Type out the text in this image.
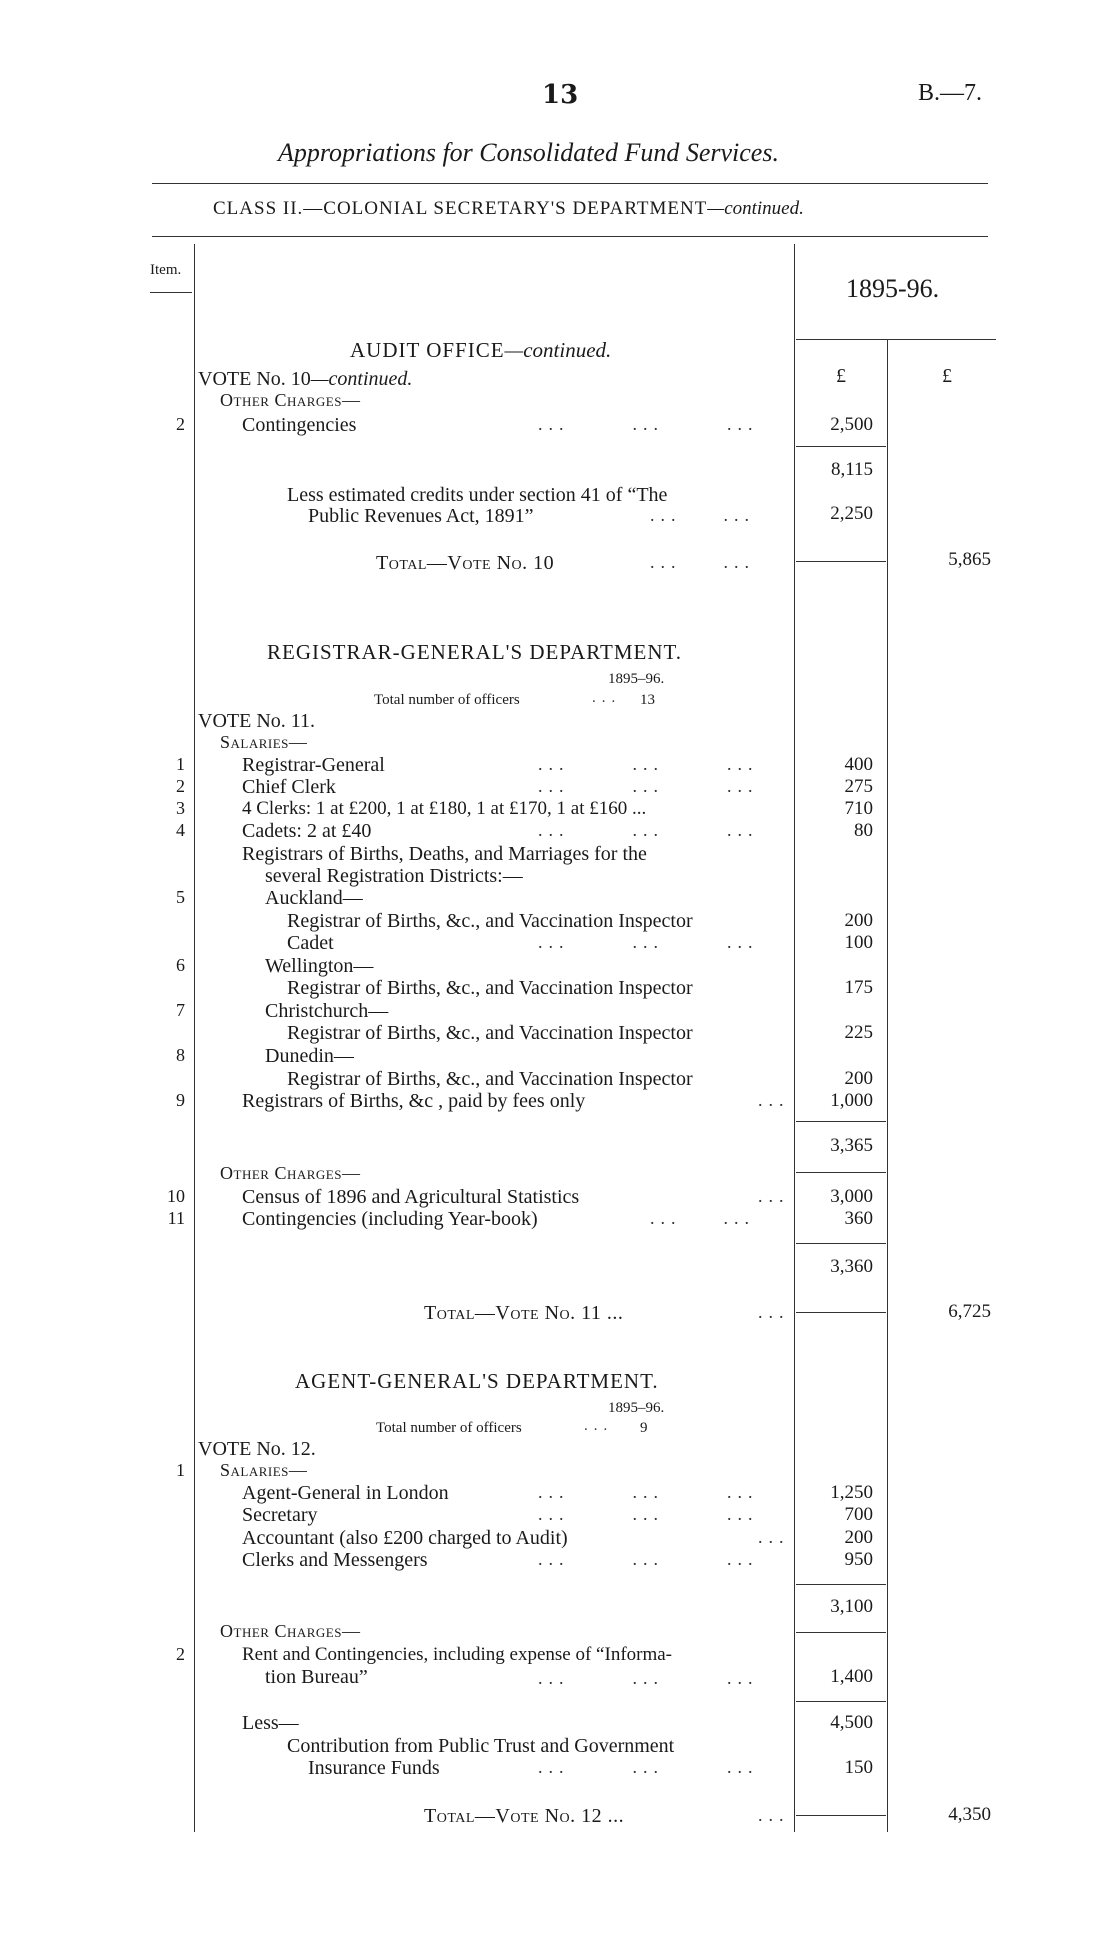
13	B.—7.
Appropriations for Consolidated Fund Services.
CLASS II.—COLONIAL SECRETARY'S DEPARTMENT—continued.
Item.
1895-96.
AUDIT OFFICE—continued.
£	£
VOTE No. 10—continued.
Other Charges—
2	Contingencies	...      ...      ...	2,500
8,115
Less estimated credits under section 41 of “The
Public Revenues Act, 1891”	...    ...	2,250
Total—Vote No. 10	...    ...	5,865
REGISTRAR-GENERAL'S DEPARTMENT.
1895–96.
Total number of officers	... 13
VOTE No. 11.
Salaries—
1	Registrar-General	...      ...      ...	400
2	Chief Clerk	...      ...      ...	275
3	4 Clerks: 1 at £200, 1 at £180, 1 at £170, 1 at £160 ...	710
4	Cadets: 2 at £40	...      ...      ...	80
Registrars of Births, Deaths, and Marriages for the
several Registration Districts:—
5	Auckland—
Registrar of Births, &c., and Vaccination Inspector	200
Cadet	...      ...      ...	100
6	Wellington—
Registrar of Births, &c., and Vaccination Inspector	175
7	Christchurch—
Registrar of Births, &c., and Vaccination Inspector	225
8	Dunedin—
Registrar of Births, &c., and Vaccination Inspector	200
9	Registrars of Births, &c , paid by fees only	...	1,000
3,365
Other Charges—
10	Census of 1896 and Agricultural Statistics	...	3,000
11	Contingencies (including Year-book)	...    ...	360
3,360
Total—Vote No. 11 ...	...	6,725
AGENT-GENERAL'S DEPARTMENT.
1895–96.
Total number of officers	... 9
VOTE No. 12.
1 Salaries—
Agent-General in London	...      ...      ...	1,250
Secretary	...      ...      ...	700
Accountant (also £200 charged to Audit)	...	200
Clerks and Messengers	...      ...      ...	950
3,100
Other Charges—
2	Rent and Contingencies, including expense of “Informa-
tion Bureau”	...      ...      ...	1,400
Less—	4,500
Contribution from Public Trust and Government
Insurance Funds	...      ...      ...	150
Total—Vote No. 12 ...	...	4,350
